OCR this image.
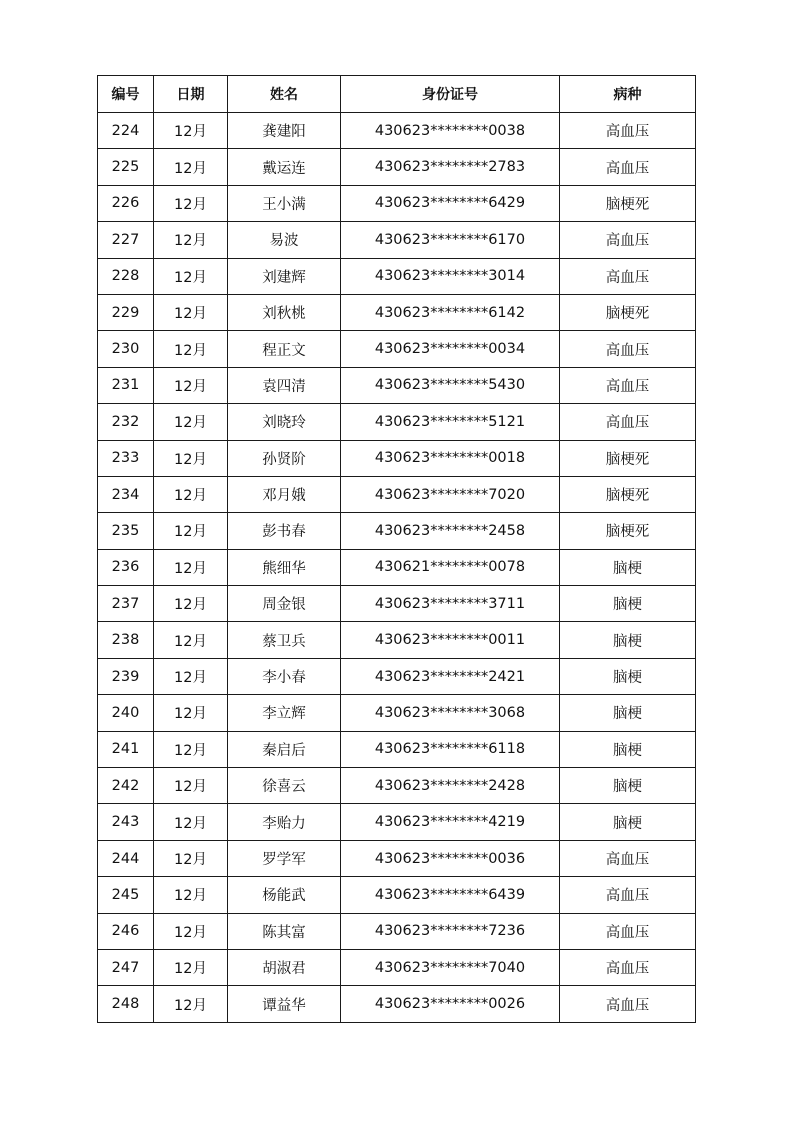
编号	日期	姓名	身份证号	病种
224	12月	龚建阳	430623********0038	高血压
225	12月	戴运连	430623********2783	高血压
226	12月	王小满	430623********6429	脑梗死
227	12月	易波	430623********6170	高血压
228	12月	刘建辉	430623********3014	高血压
229	12月	刘秋桃	430623********6142	脑梗死
230	12月	程正文	430623********0034	高血压
231	12月	袁四清	430623********5430	高血压
232	12月	刘晓玲	430623********5121	高血压
233	12月	孙贤阶	430623********0018	脑梗死
234	12月	邓月娥	430623********7020	脑梗死
235	12月	彭书春	430623********2458	脑梗死
236	12月	熊细华	430621********0078	脑梗
237	12月	周金银	430623********3711	脑梗
238	12月	蔡卫兵	430623********0011	脑梗
239	12月	李小春	430623********2421	脑梗
240	12月	李立辉	430623********3068	脑梗
241	12月	秦启后	430623********6118	脑梗
242	12月	徐喜云	430623********2428	脑梗
243	12月	李贻力	430623********4219	脑梗
244	12月	罗学军	430623********0036	高血压
245	12月	杨能武	430623********6439	高血压
246	12月	陈其富	430623********7236	高血压
247	12月	胡淑君	430623********7040	高血压
248	12月	谭益华	430623********0026	高血压
